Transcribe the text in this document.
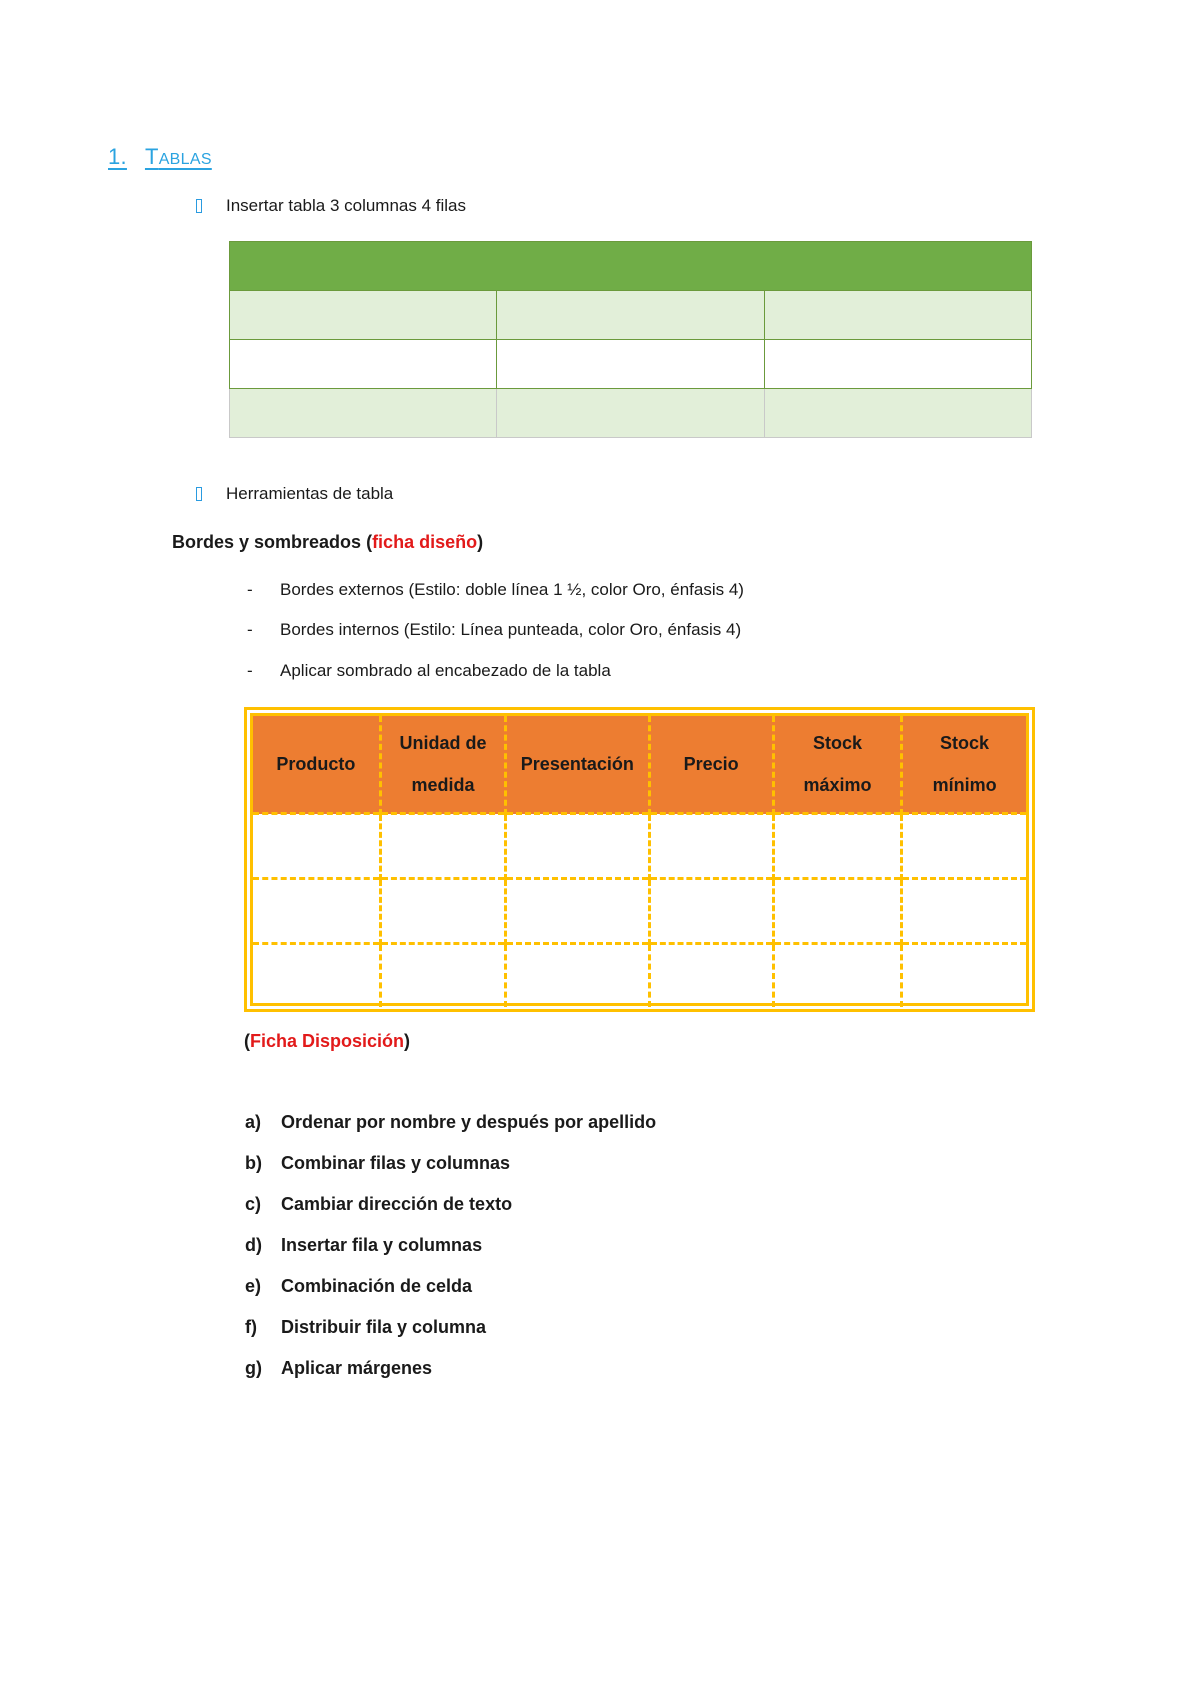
1. TABLAS
Insertar tabla 3 columnas 4 filas

Herramientas de tabla
Bordes y sombreados (ficha diseño)
- Bordes externos (Estilo: doble línea 1 ½, color Oro, énfasis 4)
- Bordes internos (Estilo: Línea punteada, color Oro, énfasis 4)
- Aplicar sombrado al encabezado de la tabla
Producto	Unidad de medida	Presentación	Precio	Stock máximo	Stock mínimo

(Ficha Disposición)
a) Ordenar por nombre y después por apellido
b) Combinar filas y columnas
c) Cambiar dirección de texto
d) Insertar fila y columnas
e) Combinación de celda
f) Distribuir fila y columna
g) Aplicar márgenes
